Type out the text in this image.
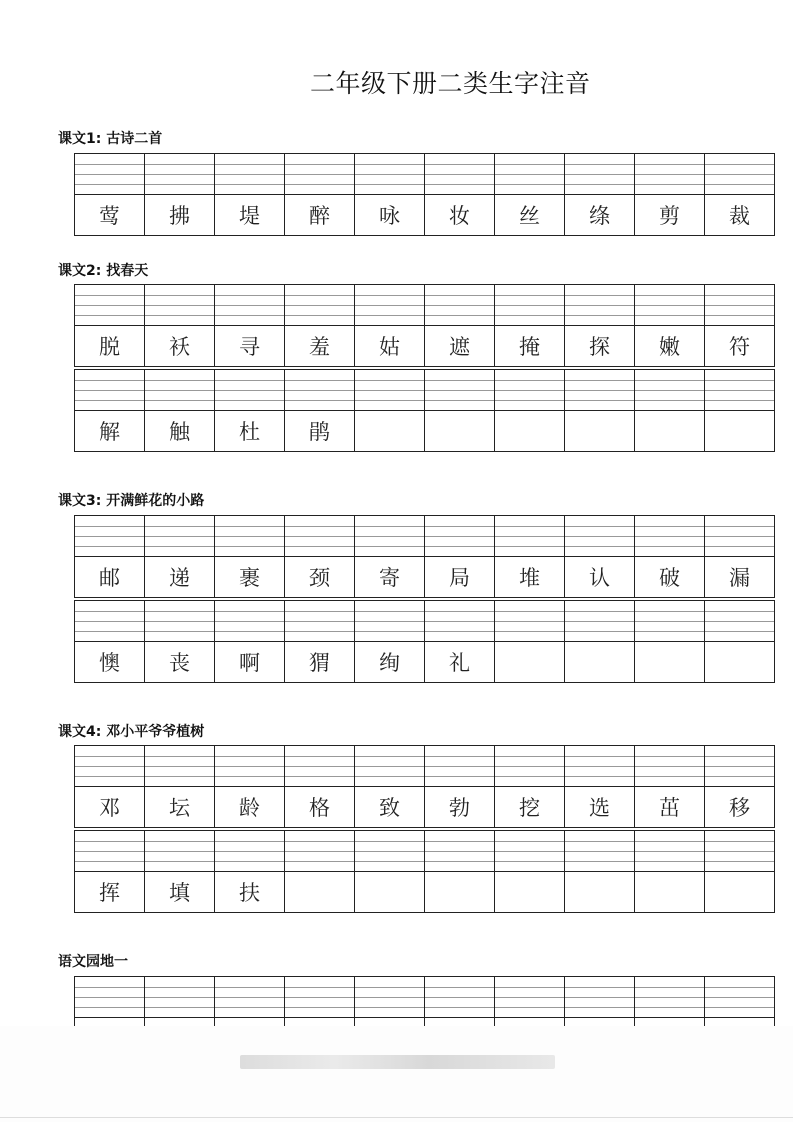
二年级下册二类生字注音
课文1: 古诗二首

莺	拂	堤	醉	咏	妆	丝	绦	剪	裁
课文2: 找春天

脱	袄	寻	羞	姑	遮	掩	探	嫩	符

解	触	杜	鹃						
课文3: 开满鲜花的小路

邮	递	裹	颈	寄	局	堆	认	破	漏

懊	丧	啊	猬	绚	礼				
课文4: 邓小平爷爷植树

邓	坛	龄	格	致	勃	挖	选	茁	移

挥	填	扶							
语文园地一
